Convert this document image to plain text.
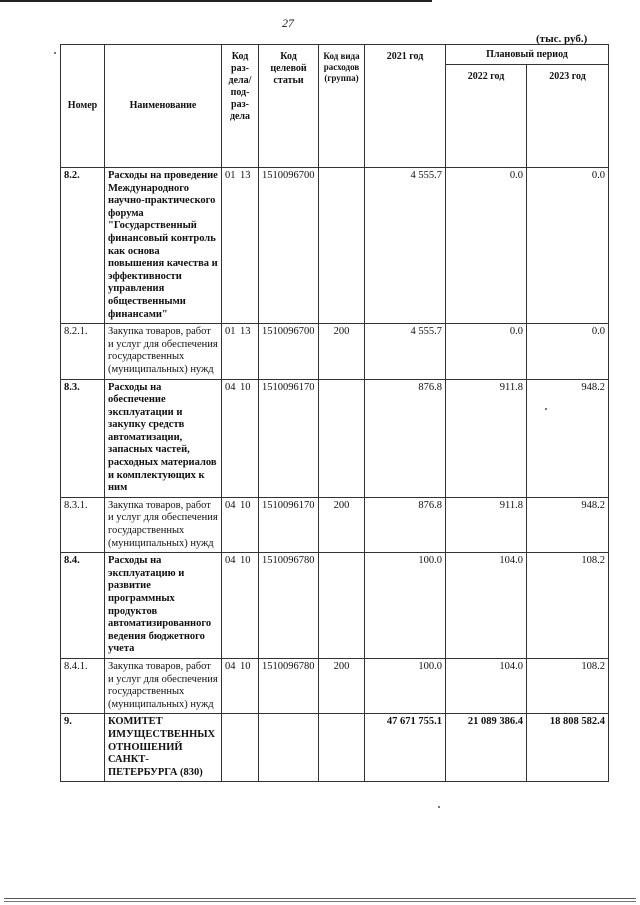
27
(тыс. руб.)
Номер	Наименование	Код раз-дела/ под-раз-дела	Код целевой статьи	Код вида расходов (группа)	2021 год	Плановый период	
						2022 год	2023 год
8.2.	Расходы на проведение Международного научно-практического форума "Государственный финансовый контроль как основа повышения качества и эффективности управления общественными финансами"	01 13	1510096700		4 555.7	0.0	0.0
8.2.1.	Закупка товаров, работ и услуг для обеспечения государственных (муниципальных) нужд	01 13	1510096700	200	4 555.7	0.0	0.0
8.3.	Расходы на обеспечение эксплуатации и закупку средств автоматизации, запасных частей, расходных материалов и комплектующих к ним	04 10	1510096170		876.8	911.8	948.2
8.3.1.	Закупка товаров, работ и услуг для обеспечения государственных (муниципальных) нужд	04 10	1510096170	200	876.8	911.8	948.2
8.4.	Расходы на эксплуатацию и развитие программных продуктов автоматизированного ведения бюджетного учета	04 10	1510096780		100.0	104.0	108.2
8.4.1.	Закупка товаров, работ и услуг для обеспечения государственных (муниципальных) нужд	04 10	1510096780	200	100.0	104.0	108.2
9.	КОМИТЕТ ИМУЩЕСТВЕННЫХ ОТНОШЕНИЙ САНКТ-ПЕТЕРБУРГА (830)				47 671 755.1	21 089 386.4	18 808 582.4
